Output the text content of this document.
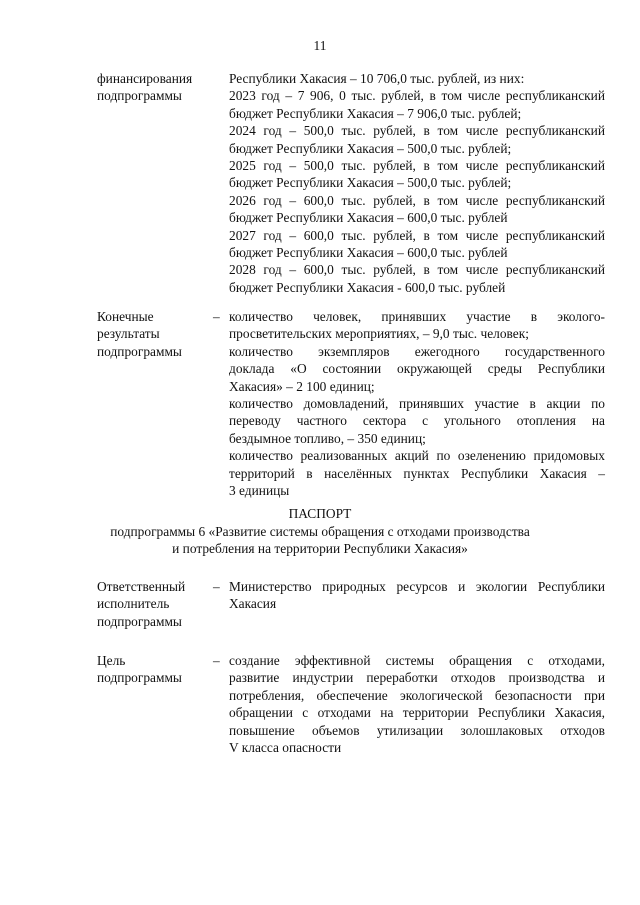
11
финансирования
подпрограммы
Республики Хакасия – 10 706,0 тыс. рублей, из них:
2023 год – 7 906, 0 тыс. рублей, в том числе республиканский
бюджет Республики Хакасия – 7 906,0 тыс. рублей;
2024 год – 500,0 тыс. рублей, в том числе республиканский
бюджет Республики Хакасия – 500,0 тыс. рублей;
2025 год – 500,0 тыс. рублей, в том числе республиканский
бюджет Республики Хакасия – 500,0 тыс. рублей;
2026 год – 600,0 тыс. рублей, в том числе республиканский
бюджет Республики Хакасия – 600,0 тыс. рублей
2027 год – 600,0 тыс. рублей, в том числе республиканский
бюджет Республики Хакасия – 600,0 тыс. рублей
2028 год – 600,0 тыс. рублей, в том числе республиканский
бюджет Республики Хакасия - 600,0 тыс. рублей
Конечные
результаты
подпрограммы
– количество человек, принявших участие в эколого-
просветительских мероприятиях, – 9,0 тыс. человек;
количество экземпляров ежегодного государственного
доклада «О состоянии окружающей среды Республики
Хакасия» – 2 100 единиц;
количество домовладений, принявших участие в акции по
переводу частного сектора с угольного отопления на
бездымное топливо, – 350 единиц;
количество реализованных акций по озеленению придомовых
территорий в населённых пунктах Республики Хакасия –
3 единицы
ПАСПОРТ
подпрограммы 6 «Развитие системы обращения с отходами производства
и потребления на территории Республики Хакасия»
Ответственный
исполнитель
подпрограммы
– Министерство природных ресурсов и экологии Республики
Хакасия
Цель
подпрограммы
– создание эффективной системы обращения с отходами,
развитие индустрии переработки отходов производства и
потребления, обеспечение экологической безопасности при
обращении с отходами на территории Республики Хакасия,
повышение объемов утилизации золошлаковых отходов
V класса опасности
